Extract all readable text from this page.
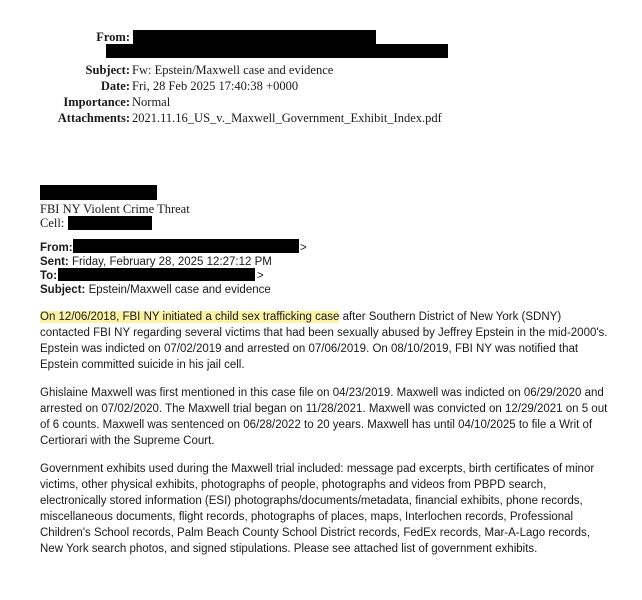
From:
Subject: Fw: Epstein/Maxwell case and evidence
Date: Fri, 28 Feb 2025 17:40:38 +0000
Importance: Normal
Attachments: 2021.11.16_US_v._Maxwell_Government_Exhibit_Index.pdf
FBI NY Violent Crime Threat
Cell:
From:	>
Sent: Friday, February 28, 2025 12:27:12 PM
To:	>
Subject: Epstein/Maxwell case and evidence

On 12/06/2018, FBI NY initiated a child sex trafficking case after Southern District of New York (SDNY) contacted FBI NY regarding several victims that had been sexually abused by Jeffrey Epstein in the mid-2000's. Epstein was indicted on 07/02/2019 and arrested on 07/06/2019. On 08/10/2019, FBI NY was notified that Epstein committed suicide in his jail cell.

Ghislaine Maxwell was first mentioned in this case file on 04/23/2019. Maxwell was indicted on 06/29/2020 and arrested on 07/02/2020. The Maxwell trial began on 11/28/2021. Maxwell was convicted on 12/29/2021 on 5 out of 6 counts. Maxwell was sentenced on 06/28/2022 to 20 years. Maxwell has until 04/10/2025 to file a Writ of Certiorari with the Supreme Court.

Government exhibits used during the Maxwell trial included: message pad excerpts, birth certificates of minor victims, other physical exhibits, photographs of people, photographs and videos from PBPD search, electronically stored information (ESI) photographs/documents/metadata, financial exhibits, phone records, miscellaneous documents, flight records, photographs of places, maps, Interlochen records, Professional Children's School records, Palm Beach County School District records, FedEx records, Mar-A-Lago records, New York search photos, and signed stipulations. Please see attached list of government exhibits.
